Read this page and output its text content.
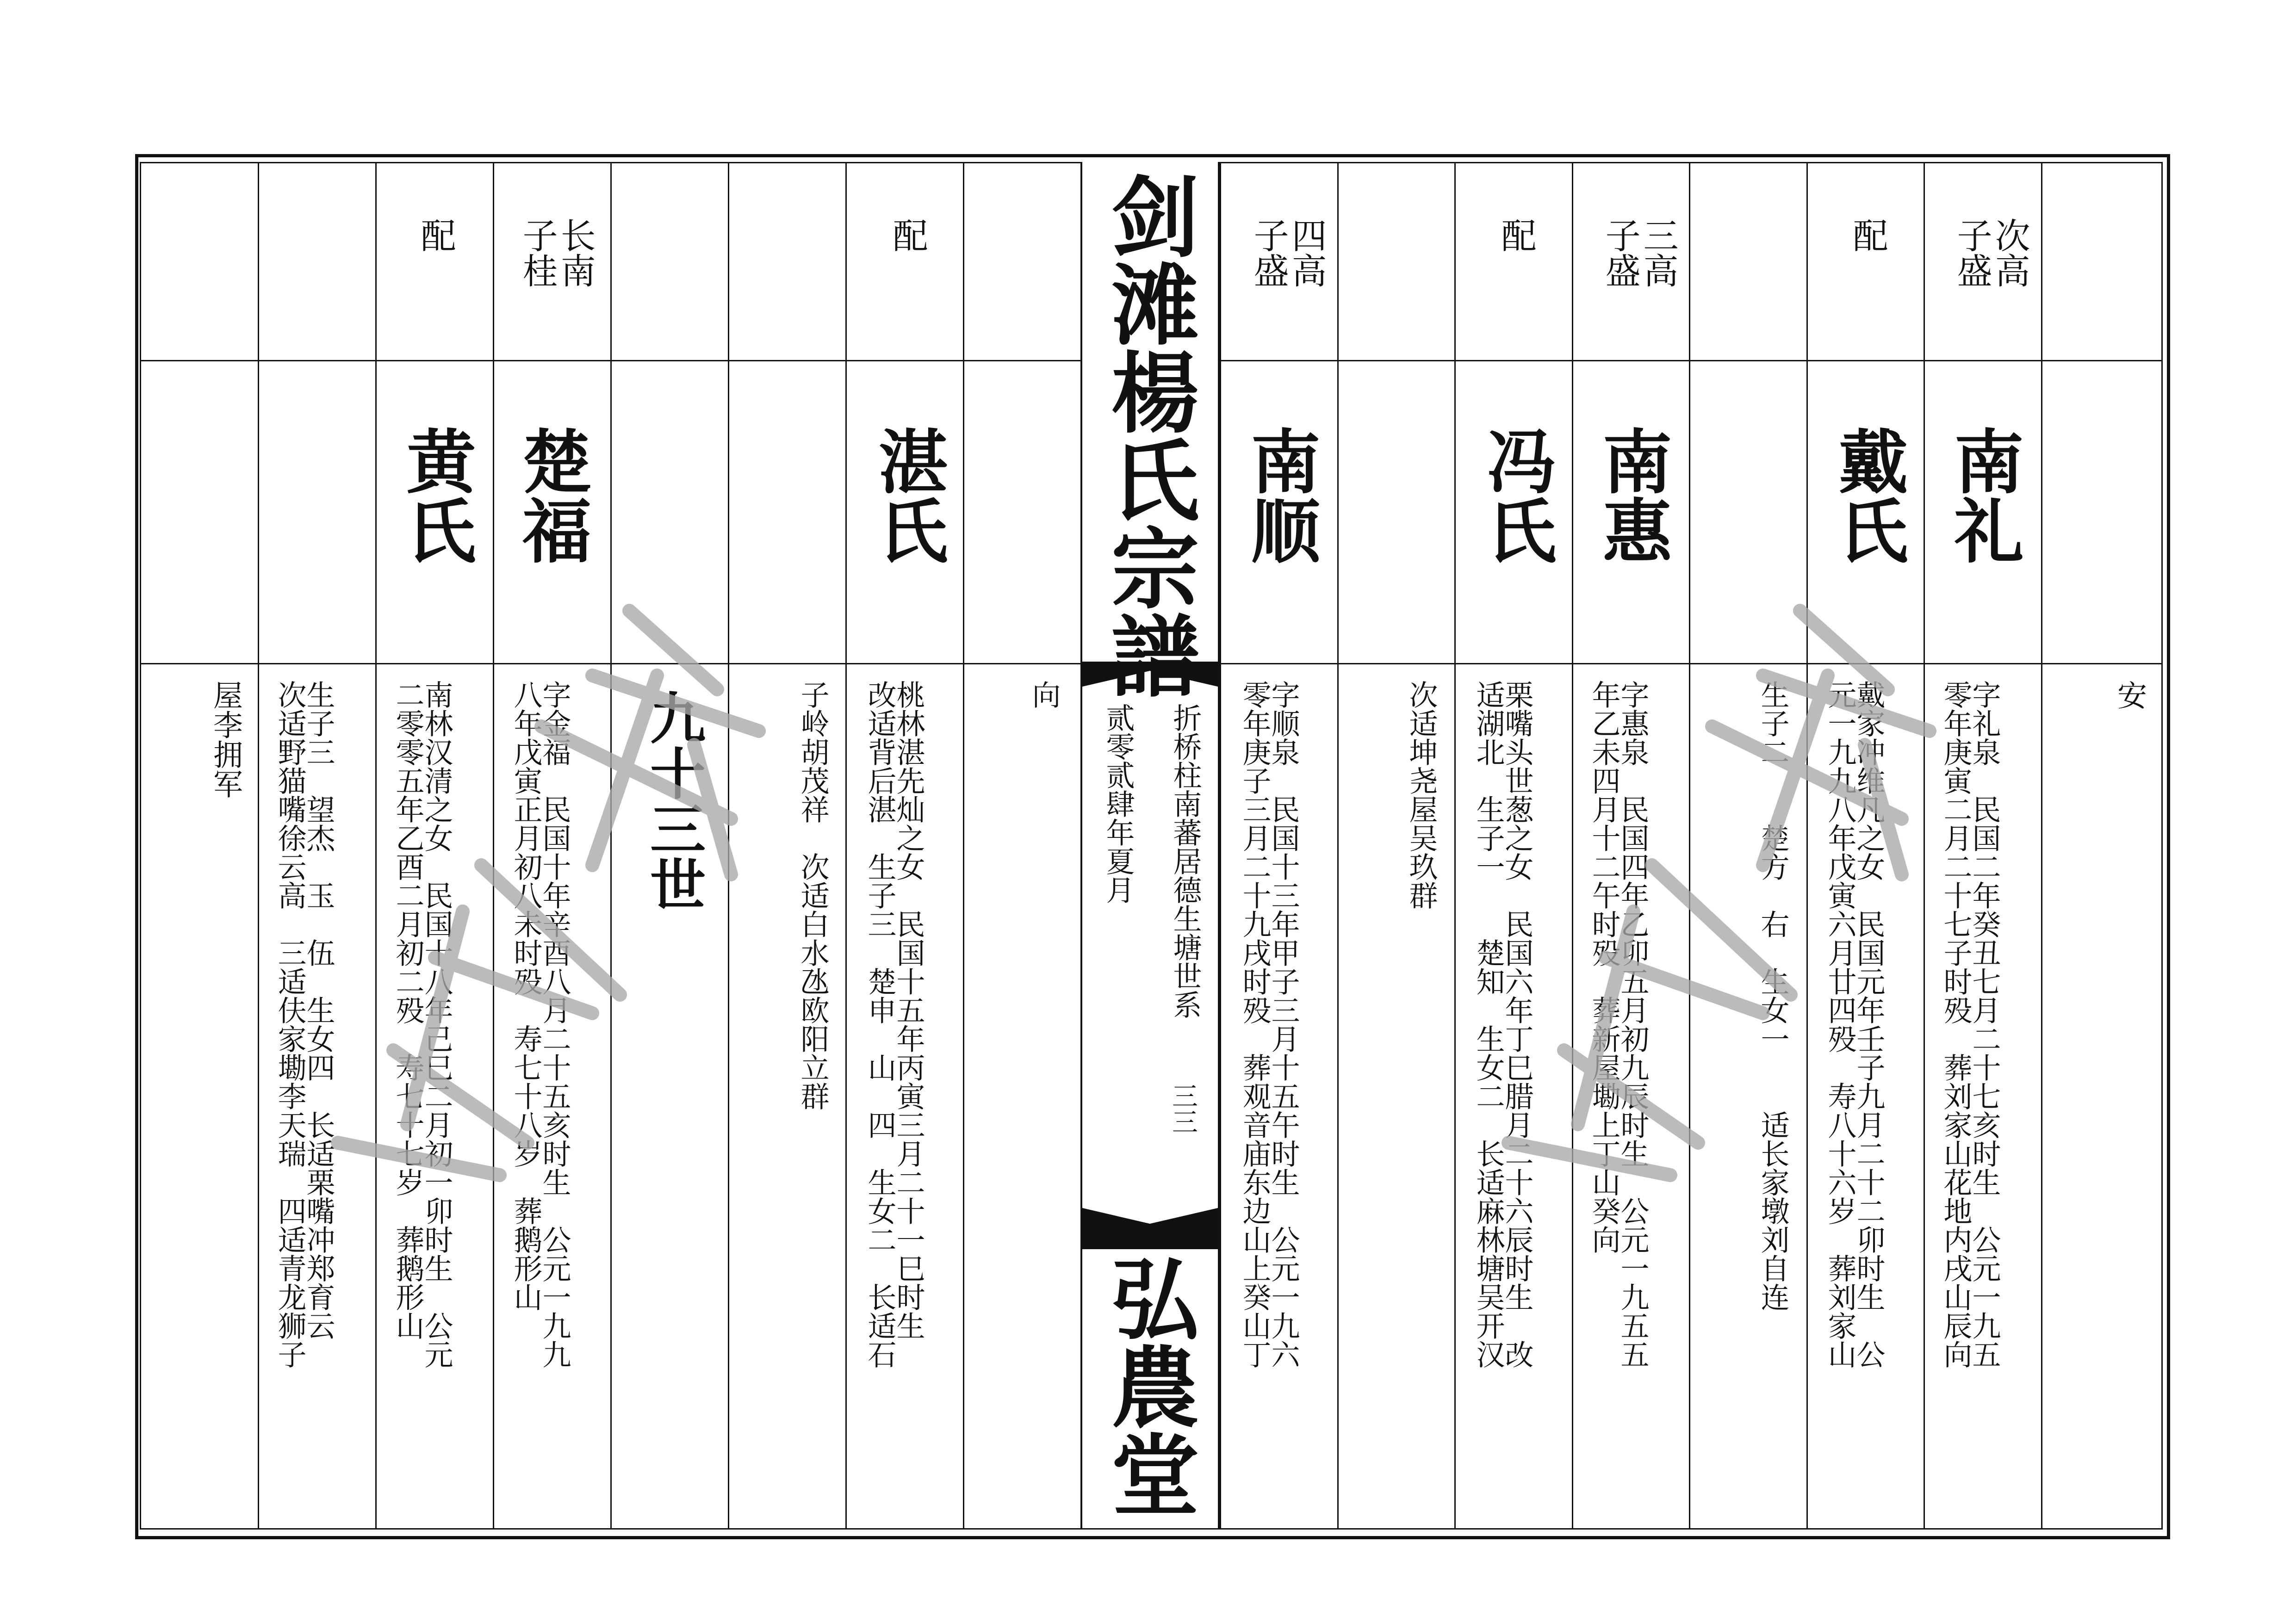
剑滩楊氏宗譜
折桥柱南蕃居德生塘世系
贰零贰肆年夏月
三三
弘農堂
安
次高
子盛
南礼
字礼泉　民国二年癸丑七月二十七亥时生　公元一九五
零年庚寅二月二十七子时殁　葬刘家山花地内戌山辰向
配
戴氏
戴家冲维凡之女　民国元年壬子九月二十二卯时生　公
元一九九八年戊寅六月廿四殁　寿八十六岁　葬刘家山
生子二　　楚方　右　生女一　　适长家墩刘自连
三高
子盛
南惠
字惠泉　民国四年乙卯五月初九辰时生　公元一九五五
年乙未四月十二午时殁　葬新屋墈上丁山癸向
配
冯氏
栗嘴头世葱之女　民国六年丁巳腊月二十六辰时生　改
适湖北　生子一　　楚知　生女二　长适麻林塘吴开汉
次适坤尧屋吴玖群
四高
子盛
南顺
字顺泉　民国十三年甲子三月十五午时生　公元一九六
零年庚子三月二十九戌时殁　葬观音庙东边山上癸山丁
向
配
湛氏
桃林湛先灿之女　民国十五年丙寅三月二十一巳时生
改适背后湛　生子三　楚申　山　四　生女二　长适石
子岭胡茂祥　次适白水氹欧阳立群
九十三世
长南
子桂
楚福
字金福　民国十年辛酉八月二十五亥时生　公元一九九
八年戊寅正月初八未时殁　寿七十八岁　葬鹅形山
配
黄氏
南林汉清之女　民国十八年己巳二月初一卯时生　公元
二零零五年乙酉二月初二殁　寿七十七岁　葬鹅形山
生子三　望杰　玉　伍　生女四　长适栗嘴冲郑育云
次适野猫嘴徐云高　三适伕家墈李天瑞　四适青龙狮子
屋李拥军
